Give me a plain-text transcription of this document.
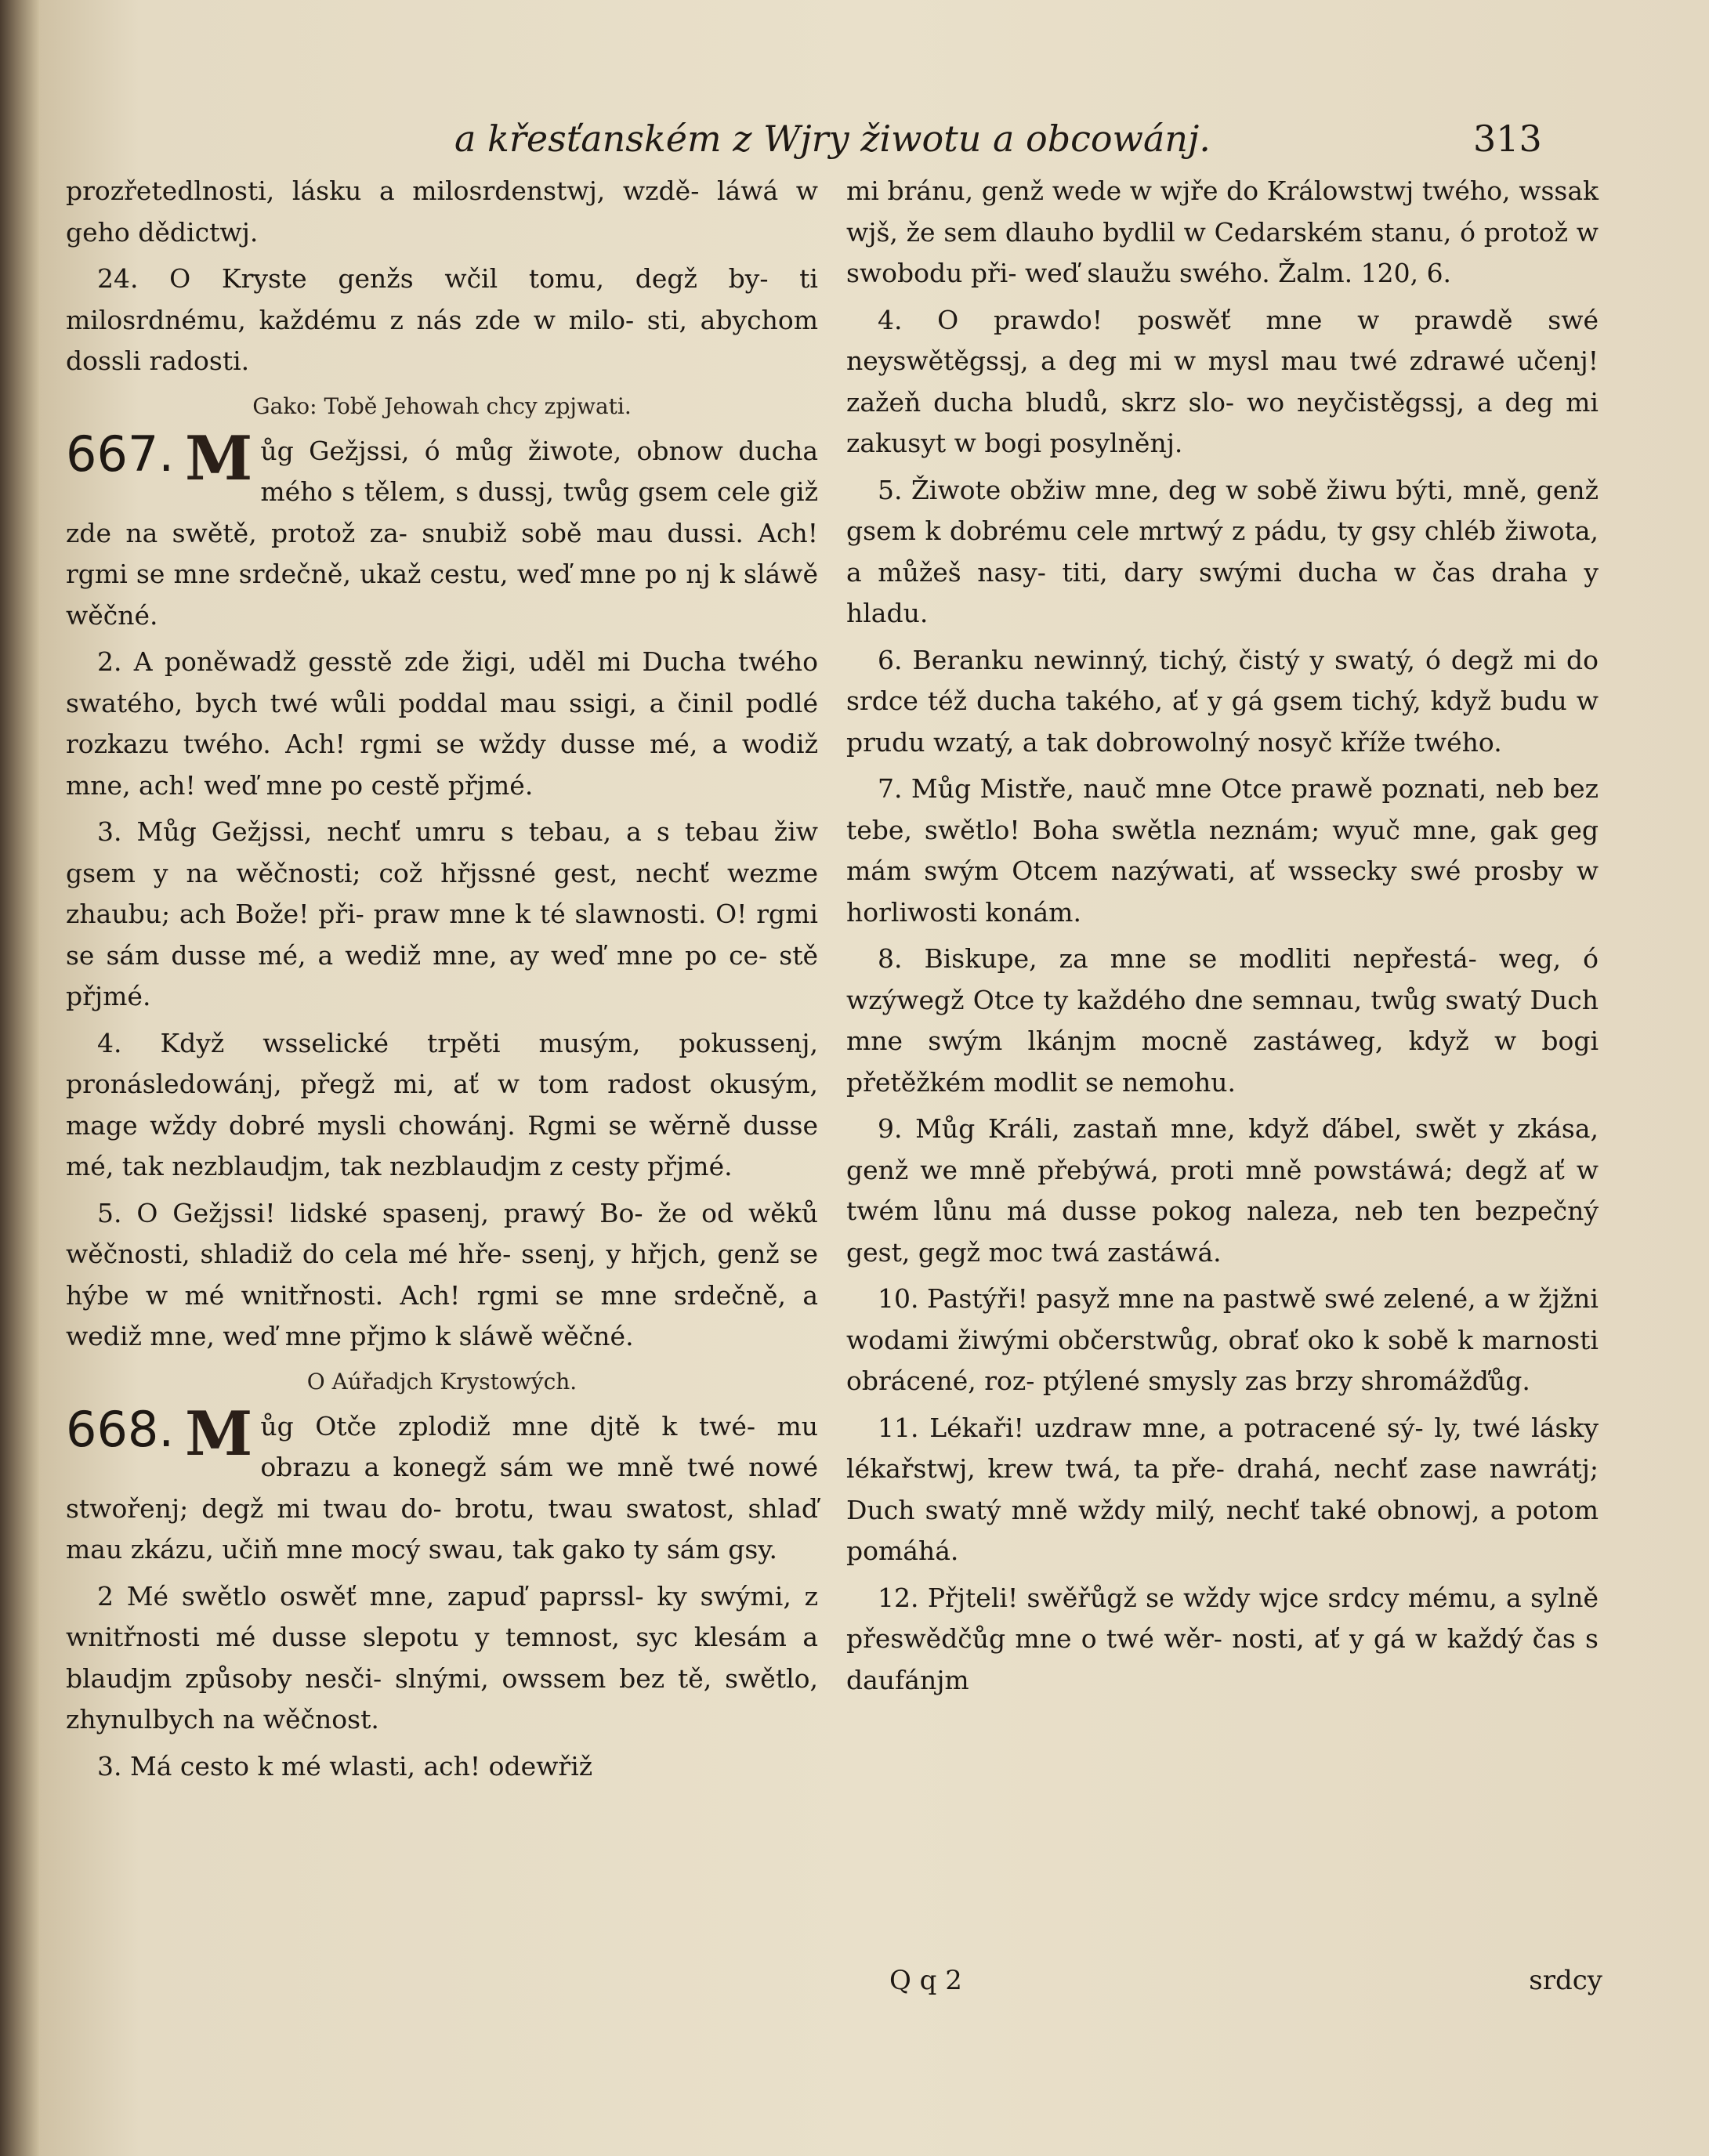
a křesťanském z Wjry žiwotu a obcowánj.	313

prozřetedlnosti, lásku a milosrdenstwj, wzdě- láwá w geho dědictwj.

24. O Kryste genžs wčil tomu, degž by- ti milosrdnému, každému z nás zde w milo- sti, abychom dossli radosti.

Gako: Tobě Jehowah chcy zpjwati.

667. M ůg Gežjssi, ó můg žiwote, obnow ducha mého s tělem, s dussj, twůg gsem cele giž zde na swětě, protož za- snubiž sobě mau dussi. Ach! rgmi se mne srdečně, ukaž cestu, weď mne po nj k sláwě wěčné.

2. A poněwadž gesstě zde žigi, uděl mi Ducha twého swatého, bych twé wůli poddal mau ssigi, a činil podlé rozkazu twého. Ach! rgmi se wždy dusse mé, a wodiž mne, ach! weď mne po cestě přjmé.

3. Můg Gežjssi, nechť umru s tebau, a s tebau žiw gsem y na wěčnosti; což hřjssné gest, nechť wezme zhaubu; ach Bože! při- praw mne k té slawnosti. O! rgmi se sám dusse mé, a wediž mne, ay weď mne po ce- stě přjmé.

4. Když wsselické trpěti musým, pokussenj, pronásledowánj, přegž mi, ať w tom radost okusým, mage wždy dobré mysli chowánj. Rgmi se wěrně dusse mé, tak nezblaudjm, tak nezblaudjm z cesty přjmé.

5. O Gežjssi! lidské spasenj, prawý Bo- že od wěků wěčnosti, shladiž do cela mé hře- ssenj, y hřjch, genž se hýbe w mé wnitřnosti. Ach! rgmi se mne srdečně, a wediž mne, weď mne přjmo k sláwě wěčné.

O Aúřadjch Krystowých.

668. M ůg Otče zplodiž mne djtě k twé- mu obrazu a konegž sám we mně twé nowé stwořenj; degž mi twau do- brotu, twau swatost, shlaď mau zkázu, učiň mne mocý swau, tak gako ty sám gsy.

2 Mé swětlo oswěť mne, zapuď paprssl- ky swými, z wnitřnosti mé dusse slepotu y temnost, syc klesám a blaudjm způsoby nesči- slnými, owssem bez tě, swětlo, zhynulbych na wěčnost.

3. Má cesto k mé wlasti, ach! odewřiž

mi bránu, genž wede w wjře do Králowstwj twého, wssak wjš, že sem dlauho bydlil w Cedarském stanu, ó protož w swobodu při- weď slaužu swého. Žalm. 120, 6.

4. O prawdo! poswěť mne w prawdě swé neyswětěgssj, a deg mi w mysl mau twé zdrawé učenj! zažeň ducha bludů, skrz slo- wo neyčistěgssj, a deg mi zakusyt w bogi posylněnj.

5. Žiwote obžiw mne, deg w sobě žiwu býti, mně, genž gsem k dobrému cele mrtwý z pádu, ty gsy chléb žiwota, a můžeš nasy- titi, dary swými ducha w čas draha y hladu.

6. Beranku newinný, tichý, čistý y swatý, ó degž mi do srdce též ducha takého, ať y gá gsem tichý, když budu w prudu wzatý, a tak dobrowolný nosyč kříže twého.

7. Můg Mistře, nauč mne Otce prawě poznati, neb bez tebe, swětlo! Boha swětla neznám; wyuč mne, gak geg mám swým Otcem nazýwati, ať wssecky swé prosby w horliwosti konám.

8. Biskupe, za mne se modliti nepřestá- weg, ó wzýwegž Otce ty každého dne semnau, twůg swatý Duch mne swým lkánjm mocně zastáweg, když w bogi přetěžkém modlit se nemohu.

9. Můg Králi, zastaň mne, když ďábel, swět y zkása, genž we mně přebýwá, proti mně powstáwá; degž ať w twém lůnu má dusse pokog naleza, neb ten bezpečný gest, gegž moc twá zastáwá.

10. Pastýři! pasyž mne na pastwě swé zelené, a w žjžni wodami žiwými občerstwůg, obrať oko k sobě k marnosti obrácené, roz- ptýlené smysly zas brzy shromážďůg.

11. Lékaři! uzdraw mne, a potracené sý- ly, twé lásky lékařstwj, krew twá, ta pře- drahá, nechť zase nawrátj; Duch swatý mně wždy milý, nechť také obnowj, a potom pomáhá.

12. Přjteli! swěřůgž se wždy wjce srdcy mému, a sylně přeswědčůg mne o twé wěr- nosti, ať y gá w každý čas s daufánjm

Q q 2	srdcy
